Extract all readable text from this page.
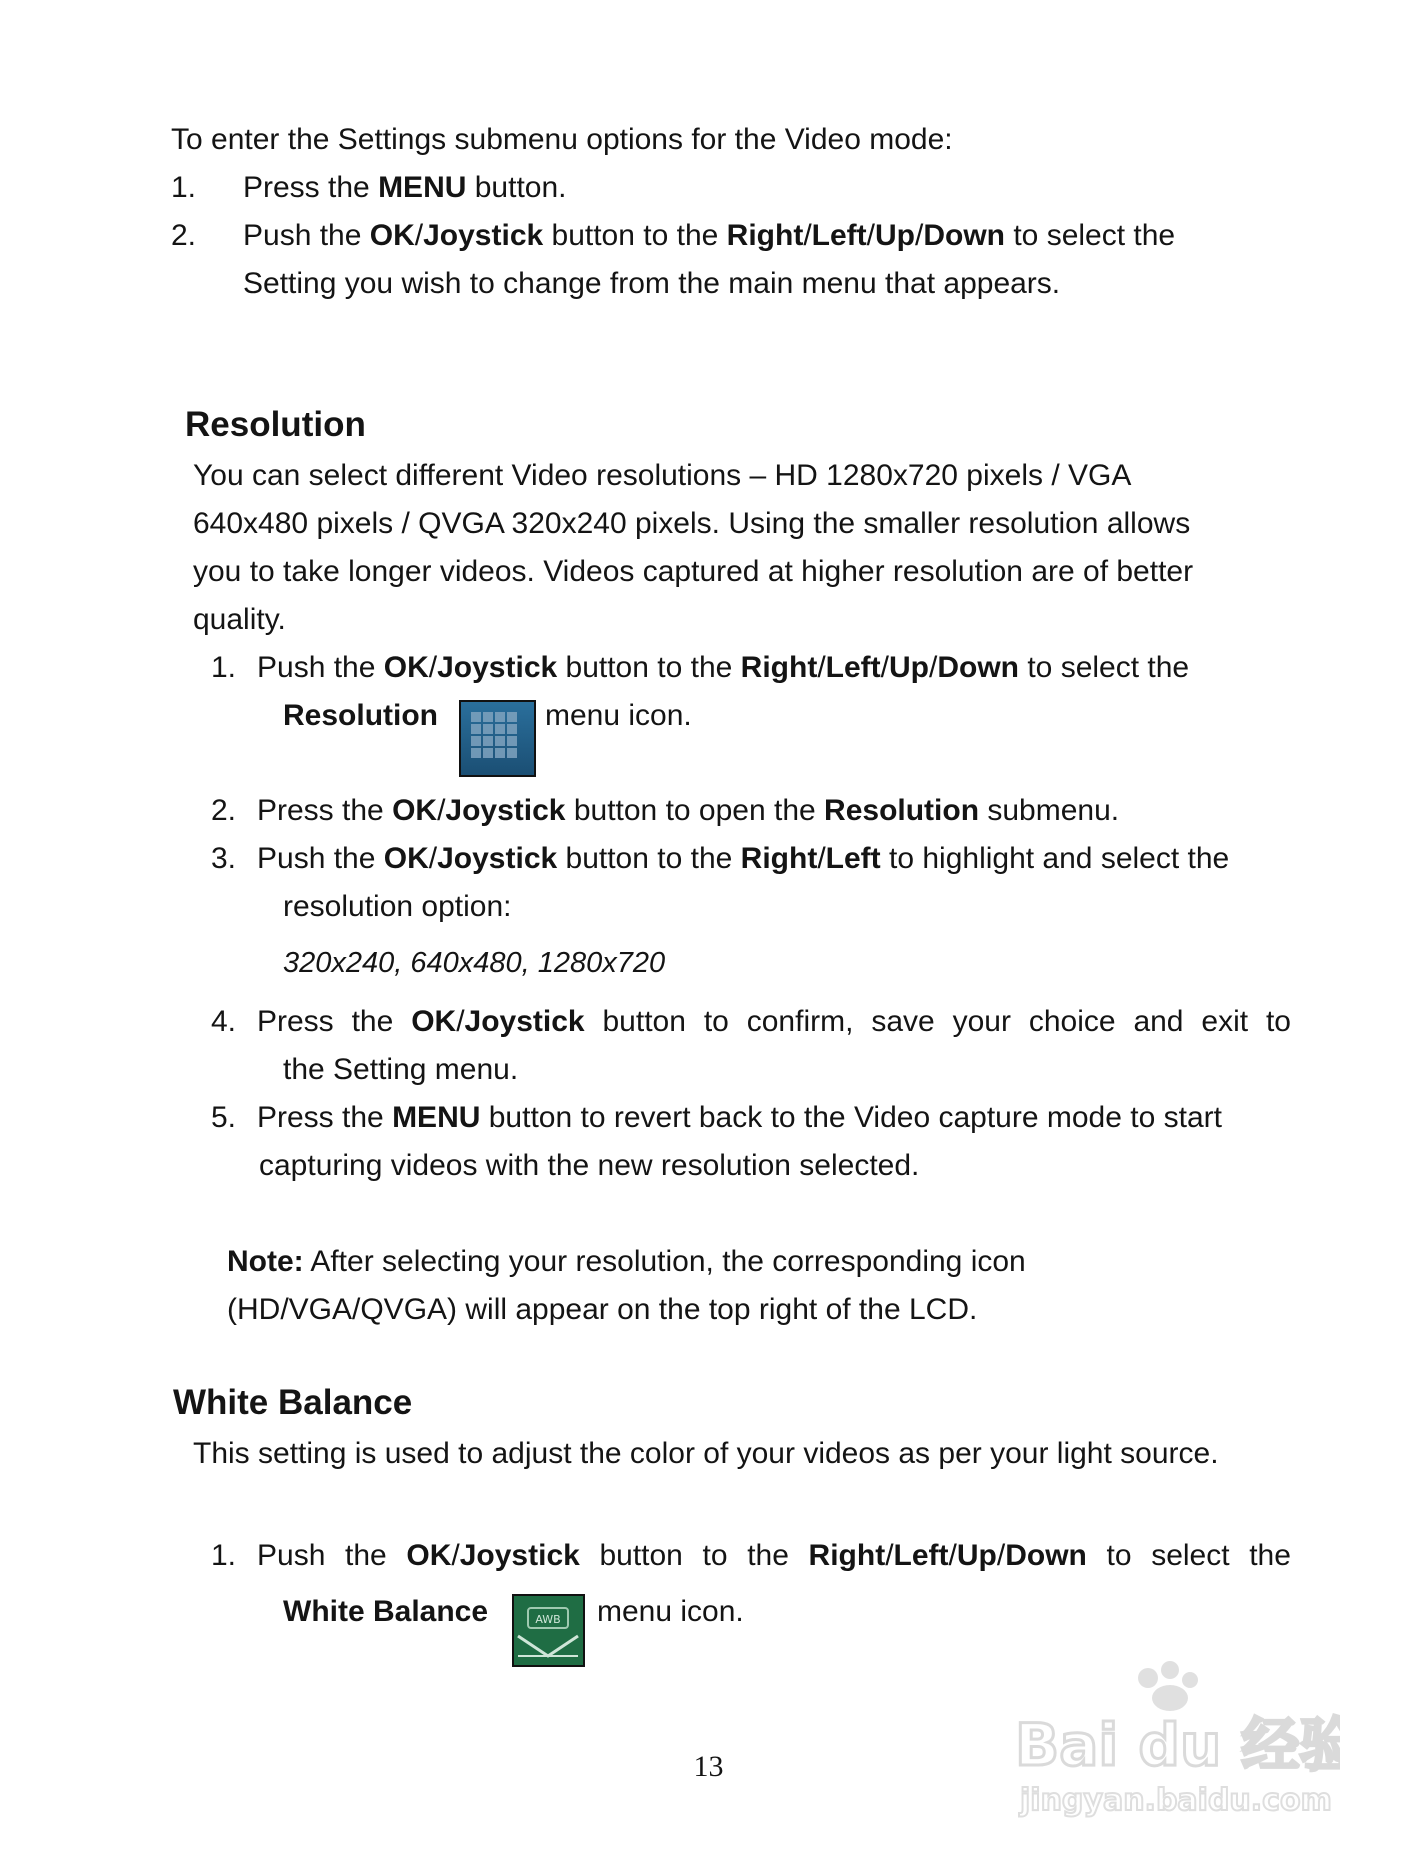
To enter the Settings submenu options for the Video mode:
1. Press the MENU button.
2. Push the OK/Joystick button to the Right/Left/Up/Down to select the
Setting you wish to change from the main menu that appears.
Resolution
You can select different Video resolutions – HD 1280x720 pixels / VGA
640x480 pixels / QVGA 320x240 pixels. Using the smaller resolution allows
you to take longer videos. Videos captured at higher resolution are of better
quality.
1. Push the OK/Joystick button to the Right/Left/Up/Down to select the
Resolution	menu icon.
2. Press the OK/Joystick button to open the Resolution submenu.
3. Push the OK/Joystick button to the Right/Left to highlight and select the
resolution option:
320x240, 640x480, 1280x720
4. Press the OK/Joystick button to confirm, save your choice and exit to
the Setting menu.
5. Press the MENU button to revert back to the Video capture mode to start
capturing videos with the new resolution selected.
Note: After selecting your resolution, the corresponding icon
(HD/VGA/QVGA) will appear on the top right of the LCD.
White Balance
This setting is used to adjust the color of your videos as per your light source.
1. Push the OK/Joystick button to the Right/Left/Up/Down to select the
White Balance	AWB menu icon.
13	Bai du 经验
jingyan.baidu.com
